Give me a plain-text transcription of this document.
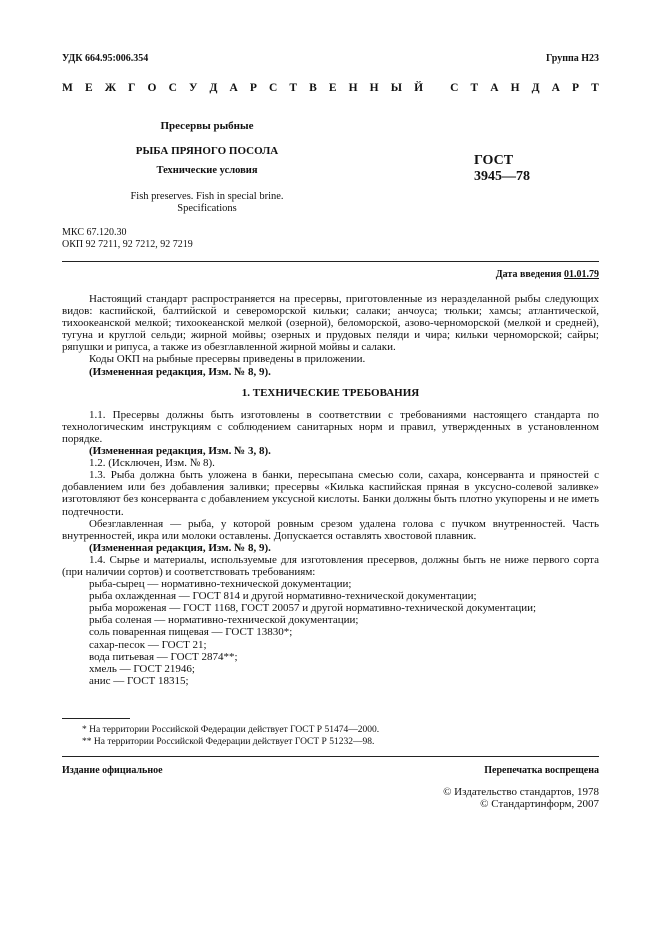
УДК 664.95:006.354	Группа Н23
М Е Ж Г О С У Д А Р С Т В Е Н Н Ы Й
С Т А Н Д А Р Т
Пресервы рыбные
РЫБА ПРЯНОГО ПОСОЛА
Технические условия
Fish preserves. Fish in special brine.
Specifications
ГОСТ
3945—78
МКС 67.120.30
ОКП 92 7211, 92 7212, 92 7219
Дата введения 01.01.79

Настоящий стандарт распространяется на пресервы, приготовленные из неразделанной рыбы следующих видов: каспийской, балтийской и североморской кильки; салаки; анчоуса; тюльки; хамсы; атлантической, тихоокеанской мелкой; тихоокеанской мелкой (озерной), беломорской, азово-черноморской (мелкой и средней), тугуна и круглой сельди; жирной мойвы; озерных и прудовых пеляди и чира; кильки черноморской; сайры; ряпушки и рипуса, а также из обезглавленной жирной мойвы и салаки.

Коды ОКП на рыбные пресервы приведены в приложении.

(Измененная редакция, Изм. № 8, 9).

1. ТЕХНИЧЕСКИЕ ТРЕБОВАНИЯ

1.1. Пресервы должны быть изготовлены в соответствии с требованиями настоящего стандарта по технологическим инструкциям с соблюдением санитарных норм и правил, утвержденных в установленном порядке.

(Измененная редакция, Изм. № 3, 8).

1.2. (Исключен, Изм. № 8).

1.3. Рыба должна быть уложена в банки, пересыпана смесью соли, сахара, консерванта и пряностей с добавлением или без добавления заливки; пресервы «Килька каспийская пряная в уксусно-солевой заливке» изготовляют без консерванта с добавлением уксусной кислоты. Банки должны быть плотно укупорены и не иметь подтечности.

Обезглавленная — рыба, у которой ровным срезом удалена голова с пучком внутренностей. Часть внутренностей, икра или молоки оставлены. Допускается оставлять хвостовой плавник.

(Измененная редакция, Изм. № 8, 9).

1.4. Сырье и материалы, используемые для изготовления пресервов, должны быть не ниже первого сорта (при наличии сортов) и соответствовать требованиям:

рыба-сырец — нормативно-технической документации;

рыба охлажденная — ГОСТ 814 и другой нормативно-технической документации;

рыба мороженая — ГОСТ 1168, ГОСТ 20057 и другой нормативно-технической документации;

рыба соленая — нормативно-технической документации;

соль поваренная пищевая — ГОСТ 13830*;

сахар-песок — ГОСТ 21;

вода питьевая — ГОСТ 2874**;

хмель — ГОСТ 21946;

анис — ГОСТ 18315;

* На территории Российской Федерации действует ГОСТ Р 51474—2000.

** На территории Российской Федерации действует ГОСТ Р 51232—98.

Издание официальное	Перепечатка воспрещена
© Издательство стандартов, 1978
© Стандартинформ, 2007
